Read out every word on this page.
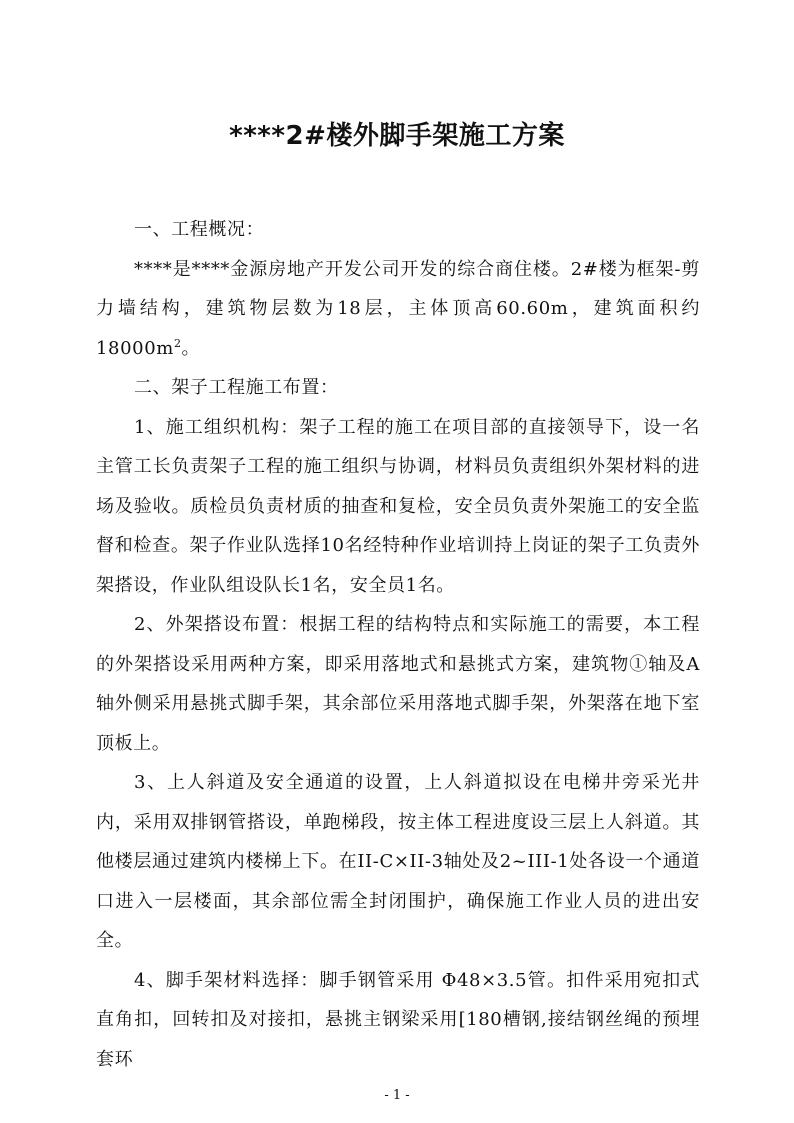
****2#楼外脚手架施工方案

一、工程概况：

****是****金源房地产开发公司开发的综合商住楼。2#楼为框架-剪力墙结构，建筑物层数为18层，主体顶高60.60m，建筑面积约$18000m^2$。

二、架子工程施工布置：

1、施工组织机构：架子工程的施工在项目部的直接领导下，设一名主管工长负责架子工程的施工组织与协调，材料员负责组织外架材料的进场及验收。质检员负责材质的抽查和复检，安全员负责外架施工的安全监督和检查。架子作业队选择10名经特种作业培训持上岗证的架子工负责外架搭设，作业队组设队长1名，安全员1名。

2、外架搭设布置：根据工程的结构特点和实际施工的需要，本工程的外架搭设采用两种方案，即采用落地式和悬挑式方案，建筑物①轴及A轴外侧采用悬挑式脚手架，其余部位采用落地式脚手架，外架落在地下室顶板上。

3、上人斜道及安全通道的设置，上人斜道拟设在电梯井旁采光井内，采用双排钢管搭设，单跑梯段，按主体工程进度设三层上人斜道。其他楼层通过建筑内楼梯上下。在II-C×II-3轴处及2~III-1处各设一个通道口进入一层楼面，其余部位需全封闭围护，确保施工作业人员的进出安全。

4、脚手架材料选择：脚手钢管采用 Φ48×3.5管。扣件采用宛扣式直角扣，回转扣及对接扣，悬挑主钢梁采用[180槽钢,接结钢丝绳的预埋套环

- 1 -
